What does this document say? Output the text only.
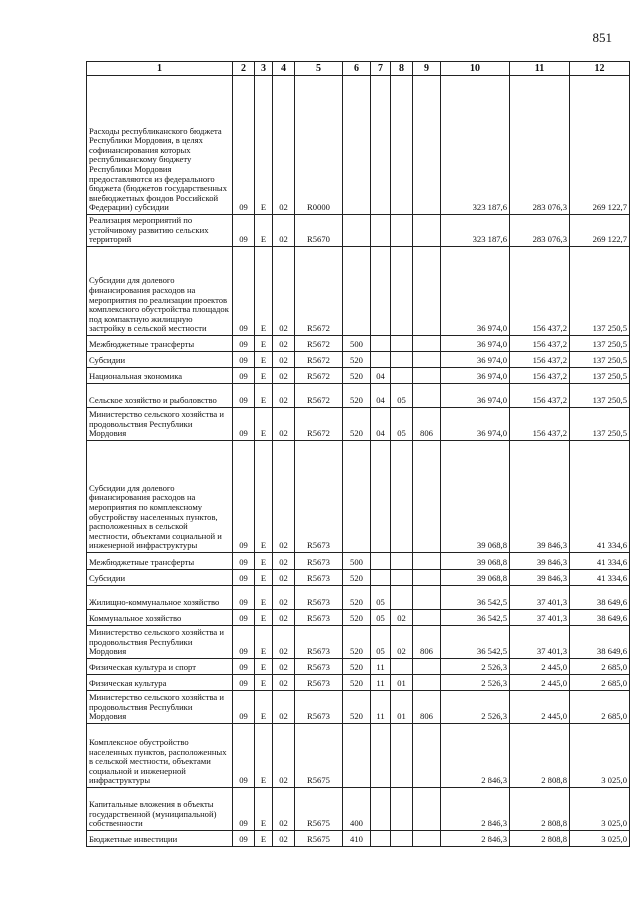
851
1	2	3	4	5	6	7	8	9	10	11	12
Расходы республиканского бюджета Республики Мордовия, в целях софинансирования которых республиканскому бюджету Республики Мордовия предоставляются из федерального бюджета (бюджетов государственных внебюджетных фондов Российской Федерации) субсидии	09	E	02	R0000					323 187,6	283 076,3	269 122,7
Реализация мероприятий по устойчивому развитию сельских территорий	09	E	02	R5670					323 187,6	283 076,3	269 122,7
Субсидии для долевого финансирования расходов на мероприятия по реализации проектов комплексного обустройства площадок под компактную жилищную застройку в сельской местности	09	E	02	R5672					36 974,0	156 437,2	137 250,5
Межбюджетные трансферты	09	E	02	R5672	500				36 974,0	156 437,2	137 250,5
Субсидии	09	E	02	R5672	520				36 974,0	156 437,2	137 250,5
Национальная экономика	09	E	02	R5672	520	04			36 974,0	156 437,2	137 250,5
Сельское хозяйство и рыболовство	09	E	02	R5672	520	04	05		36 974,0	156 437,2	137 250,5
Министерство сельского хозяйства и продовольствия Республики Мордовия	09	E	02	R5672	520	04	05	806	36 974,0	156 437,2	137 250,5
Субсидии для долевого финансирования расходов на мероприятия по комплексному обустройству населенных пунктов, расположенных в сельской местности, объектами социальной и инженерной инфраструктуры	09	E	02	R5673					39 068,8	39 846,3	41 334,6
Межбюджетные трансферты	09	E	02	R5673	500				39 068,8	39 846,3	41 334,6
Субсидии	09	E	02	R5673	520				39 068,8	39 846,3	41 334,6
Жилищно-коммунальное хозяйство	09	E	02	R5673	520	05			36 542,5	37 401,3	38 649,6
Коммунальное хозяйство	09	E	02	R5673	520	05	02		36 542,5	37 401,3	38 649,6
Министерство сельского хозяйства и продовольствия Республики Мордовия	09	E	02	R5673	520	05	02	806	36 542,5	37 401,3	38 649,6
Физическая культура и спорт	09	E	02	R5673	520	11			2 526,3	2 445,0	2 685,0
Физическая культура	09	E	02	R5673	520	11	01		2 526,3	2 445,0	2 685,0
Министерство сельского хозяйства и продовольствия Республики Мордовия	09	E	02	R5673	520	11	01	806	2 526,3	2 445,0	2 685,0
Комплексное обустройство населенных пунктов, расположенных в сельской местности, объектами социальной и инженерной инфраструктуры	09	E	02	R5675					2 846,3	2 808,8	3 025,0
Капитальные вложения в объекты государственной (муниципальной) собственности	09	E	02	R5675	400				2 846,3	2 808,8	3 025,0
Бюджетные инвестиции	09	E	02	R5675	410				2 846,3	2 808,8	3 025,0
